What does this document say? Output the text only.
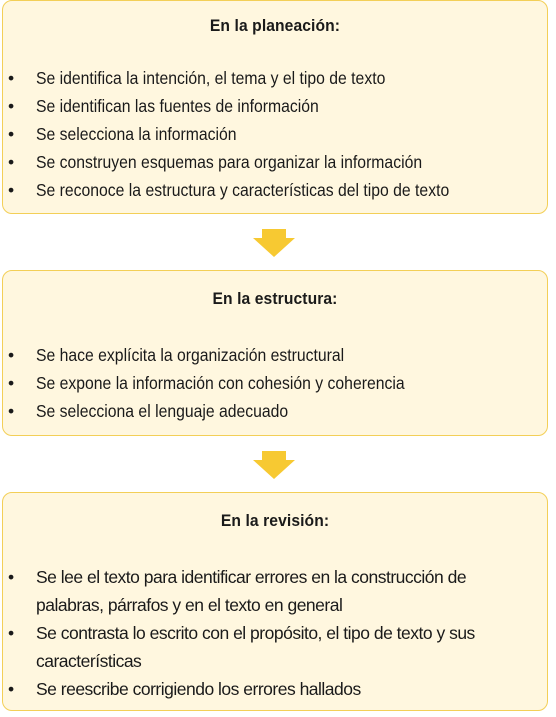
En la planeación:
• Se identifica la intención, el tema y el tipo de texto
• Se identifican las fuentes de información
• Se selecciona la información
• Se construyen esquemas para organizar la información
• Se reconoce la estructura y características del tipo de texto
En la estructura:
• Se hace explícita la organización estructural
• Se expone la información con cohesión y coherencia
• Se selecciona el lenguaje adecuado
En la revisión:
• Se lee el texto para identificar errores en la construcción de palabras, párrafos y en el texto en general
• Se contrasta lo escrito con el propósito, el tipo de texto y sus características
• Se reescribe corrigiendo los errores hallados
